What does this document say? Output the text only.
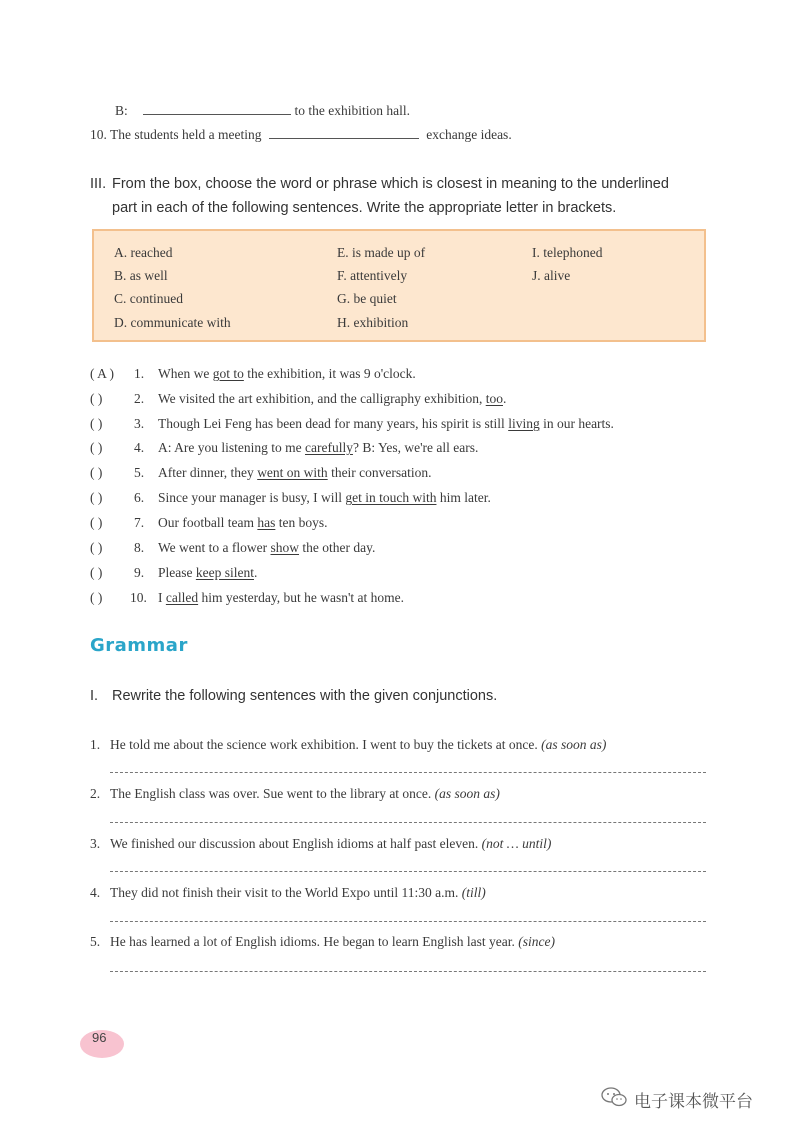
B:	to the exhibition hall.
10. The students held a meeting	exchange ideas.
III. From the box, choose the word or phrase which is closest in meaning to the underlined
part in each of the following sentences. Write the appropriate letter in brackets.
A. reached	E. is made up of	I. telephoned
B. as well	F. attentively	J. alive
C. continued	G. be quiet
D. communicate with	H. exhibition
( A ) 1. When we got to the exhibition, it was 9 o'clock.
( ) 2. We visited the art exhibition, and the calligraphy exhibition, too.
( ) 3. Though Lei Feng has been dead for many years, his spirit is still living in our hearts.
( ) 4. A: Are you listening to me carefully? B: Yes, we're all ears.
( ) 5. After dinner, they went on with their conversation.
( ) 6. Since your manager is busy, I will get in touch with him later.
( ) 7. Our football team has ten boys.
( ) 8. We went to a flower show the other day.
( ) 9. Please keep silent.
( ) 10. I called him yesterday, but he wasn't at home.
Grammar
I. Rewrite the following sentences with the given conjunctions.
1. He told me about the science work exhibition. I went to buy the tickets at once. (as soon as)
2. The English class was over. Sue went to the library at once. (as soon as)
3. We finished our discussion about English idioms at half past eleven. (not … until)
4. They did not finish their visit to the World Expo until 11:30 a.m. (till)
5. He has learned a lot of English idioms. He began to learn English last year. (since)
96
电子课本微平台
